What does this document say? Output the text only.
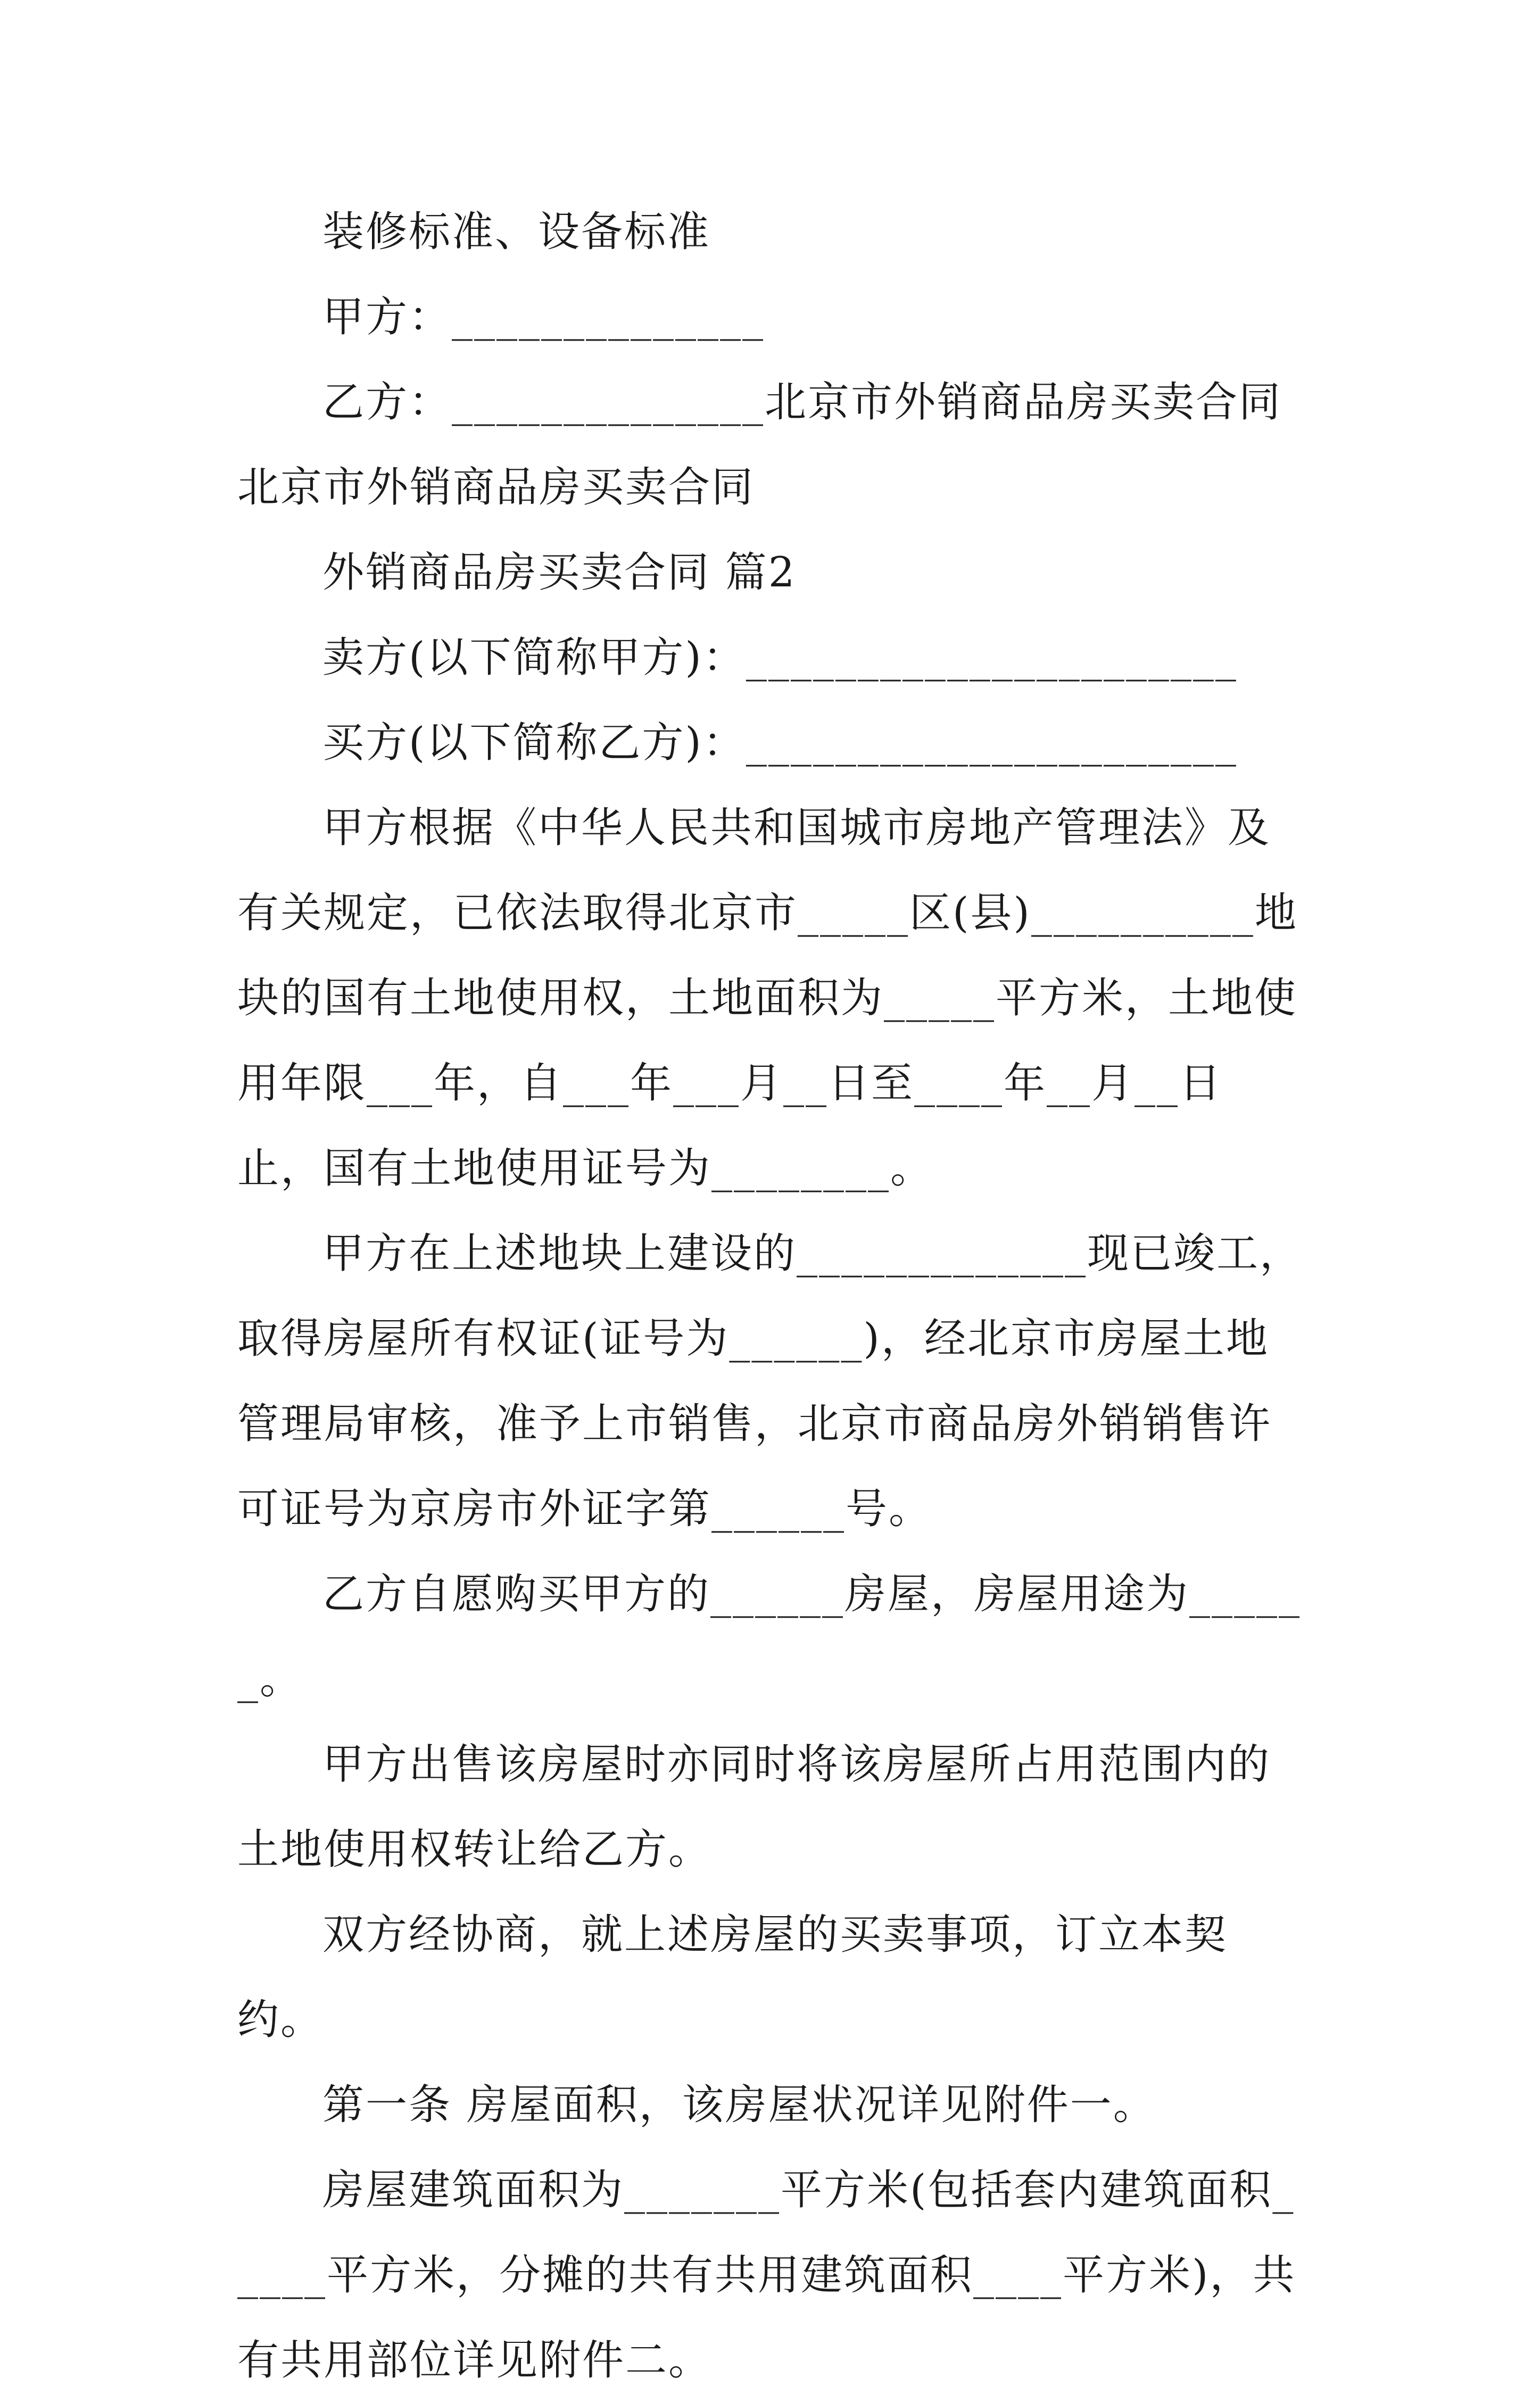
装修标准、设备标准

甲方：______________

乙方：______________北京市外销商品房买卖合同北京市外销商品房买卖合同

外销商品房买卖合同 篇2

卖方(以下简称甲方)：______________________

买方(以下简称乙方)：______________________

甲方根据《中华人民共和国城市房地产管理法》及有关规定，已依法取得北京市_____区(县)__________地块的国有土地使用权，土地面积为_____平方米，土地使用年限___年，自___年___月__日至____年__月__日止，国有土地使用证号为________。

甲方在上述地块上建设的_____________现已竣工，取得房屋所有权证(证号为______)，经北京市房屋土地管理局审核，准予上市销售，北京市商品房外销销售许可证号为京房市外证字第______号。

乙方自愿购买甲方的______房屋，房屋用途为______。

甲方出售该房屋时亦同时将该房屋所占用范围内的土地使用权转让给乙方。

双方经协商，就上述房屋的买卖事项，订立本契约。

第一条 房屋面积，该房屋状况详见附件一。

房屋建筑面积为_______平方米(包括套内建筑面积_____平方米，分摊的共有共用建筑面积____平方米)，共有共用部位详见附件二。
